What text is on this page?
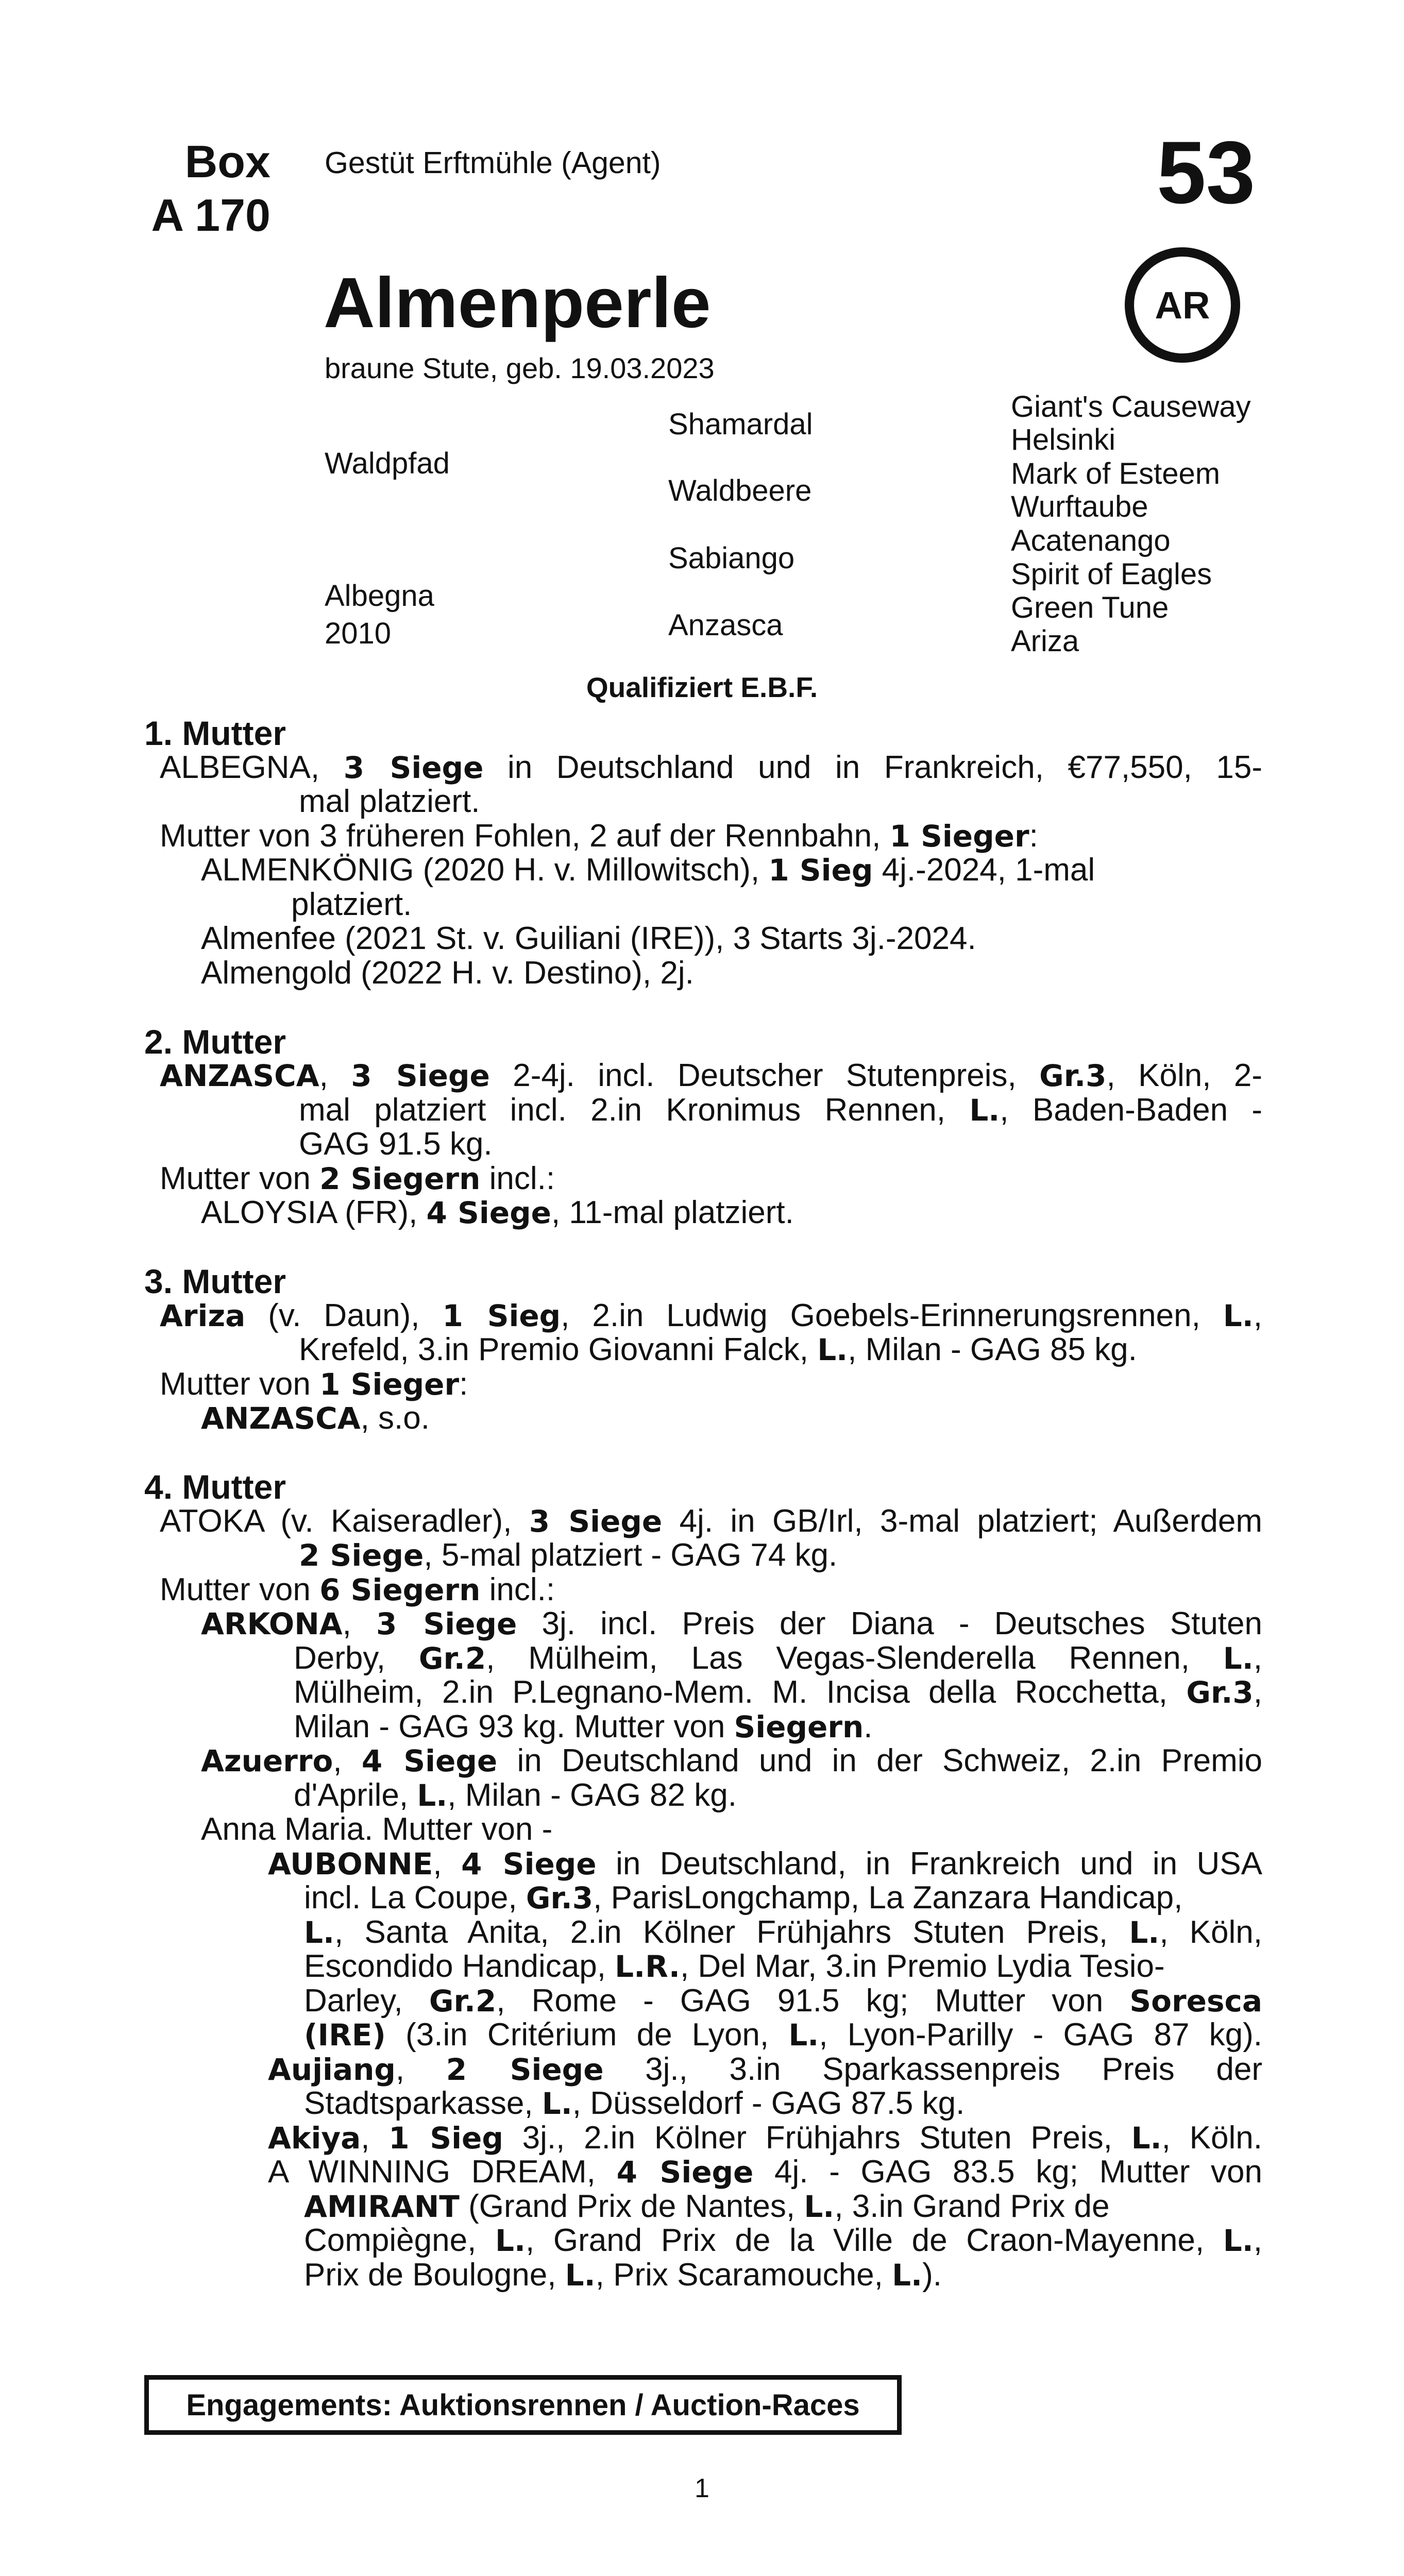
Box
A 170
Gestüt Erftmühle (Agent)	53
Almenperle	AR
braune Stute, geb. 19.03.2023
Waldpfad
Albegna
2010
Shamardal
Waldbeere
Sabiango
Anzasca
Giant's Causeway
Helsinki
Mark of Esteem
Wurftaube
Acatenango
Spirit of Eagles
Green Tune
Ariza
Qualifiziert E.B.F.
1. Mutter
ALBEGNA, 3 Siege in Deutschland und in Frankreich, €77,550, 15-
mal platziert.
Mutter von 3 früheren Fohlen, 2 auf der Rennbahn, 1 Sieger:
ALMENKÖNIG (2020 H. v. Millowitsch), 1 Sieg 4j.-2024, 1-mal
platziert.
Almenfee (2021 St. v. Guiliani (IRE)), 3 Starts 3j.-2024.
Almengold (2022 H. v. Destino), 2j.
2. Mutter
ANZASCA, 3 Siege 2-4j. incl. Deutscher Stutenpreis, Gr.3, Köln, 2-
mal platziert incl. 2.in Kronimus Rennen, L., Baden-Baden -
GAG 91.5 kg.
Mutter von 2 Siegern incl.:
ALOYSIA (FR), 4 Siege, 11-mal platziert.
3. Mutter
Ariza (v. Daun), 1 Sieg, 2.in Ludwig Goebels-Erinnerungsrennen, L.,
Krefeld, 3.in Premio Giovanni Falck, L., Milan - GAG 85 kg.
Mutter von 1 Sieger:
ANZASCA, s.o.
4. Mutter
ATOKA (v. Kaiseradler), 3 Siege 4j. in GB/Irl, 3-mal platziert; Außerdem
2 Siege, 5-mal platziert - GAG 74 kg.
Mutter von 6 Siegern incl.:
ARKONA, 3 Siege 3j. incl. Preis der Diana - Deutsches Stuten
Derby, Gr.2, Mülheim, Las Vegas-Slenderella Rennen, L.,
Mülheim, 2.in P.Legnano-Mem. M. Incisa della Rocchetta, Gr.3,
Milan - GAG 93 kg. Mutter von Siegern.
Azuerro, 4 Siege in Deutschland und in der Schweiz, 2.in Premio
d'Aprile, L., Milan - GAG 82 kg.
Anna Maria. Mutter von -
AUBONNE, 4 Siege in Deutschland, in Frankreich und in USA
incl. La Coupe, Gr.3, ParisLongchamp, La Zanzara Handicap,
L., Santa Anita, 2.in Kölner Frühjahrs Stuten Preis, L., Köln,
Escondido Handicap, L.R., Del Mar, 3.in Premio Lydia Tesio-
Darley, Gr.2, Rome - GAG 91.5 kg; Mutter von Soresca
(IRE) (3.in Critérium de Lyon, L., Lyon-Parilly - GAG 87 kg).
Aujiang, 2 Siege 3j., 3.in Sparkassenpreis Preis der
Stadtsparkasse, L., Düsseldorf - GAG 87.5 kg.
Akiya, 1 Sieg 3j., 2.in Kölner Frühjahrs Stuten Preis, L., Köln.
A WINNING DREAM, 4 Siege 4j. - GAG 83.5 kg; Mutter von
AMIRANT (Grand Prix de Nantes, L., 3.in Grand Prix de
Compiègne, L., Grand Prix de la Ville de Craon-Mayenne, L.,
Prix de Boulogne, L., Prix Scaramouche, L.).
Engagements: Auktionsrennen / Auction-Races
1
